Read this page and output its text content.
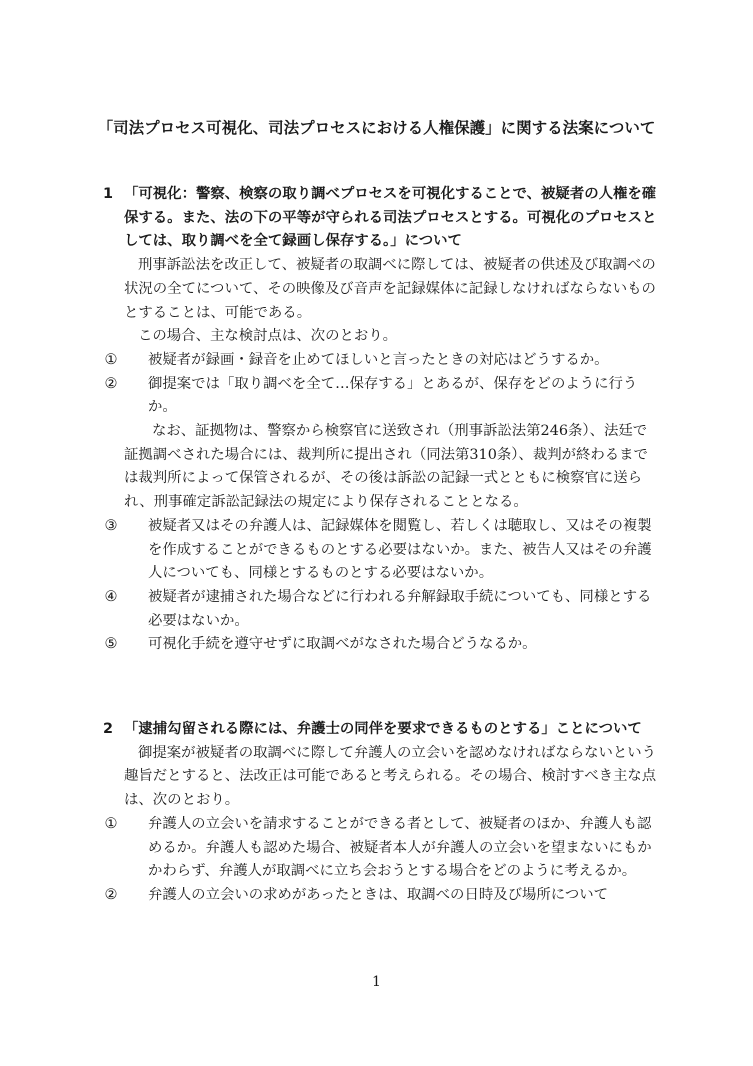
「司法プロセス可視化、司法プロセスにおける人権保護」に関する法案について
1 「可視化：警察、検察の取り調べプロセスを可視化することで、被疑者の人権を確保する。また、法の下の平等が守られる司法プロセスとする。可視化のプロセスとしては、取り調べを全て録画し保存する。」について

刑事訴訟法を改正して、被疑者の取調べに際しては、被疑者の供述及び取調べの状況の全てについて、その映像及び音声を記録媒体に記録しなければならないものとすることは、可能である。

この場合、主な検討点は、次のとおり。

①	被疑者が録画・録音を止めてほしいと言ったときの対応はどうするか。
②	御提案では「取り調べを全て…保存する」とあるが、保存をどのように行うか。

なお、証拠物は、警察から検察官に送致され（刑事訴訟法第246条）、法廷で証拠調べされた場合には、裁判所に提出され（同法第310条）、裁判が終わるまでは裁判所によって保管されるが、その後は訴訟の記録一式とともに検察官に送られ、刑事確定訴訟記録法の規定により保存されることとなる。

③	被疑者又はその弁護人は、記録媒体を閲覧し、若しくは聴取し、又はその複製を作成することができるものとする必要はないか。また、被告人又はその弁護人についても、同様とするものとする必要はないか。
④	被疑者が逮捕された場合などに行われる弁解録取手続についても、同様とする必要はないか。
⑤	可視化手続を遵守せずに取調べがなされた場合どうなるか。
2 「逮捕勾留される際には、弁護士の同伴を要求できるものとする」ことについて

御提案が被疑者の取調べに際して弁護人の立会いを認めなければならないという趣旨だとすると、法改正は可能であると考えられる。その場合、検討すべき主な点は、次のとおり。

①	弁護人の立会いを請求することができる者として、被疑者のほか、弁護人も認めるか。弁護人も認めた場合、被疑者本人が弁護人の立会いを望まないにもかかわらず、弁護人が取調べに立ち会おうとする場合をどのように考えるか。
②	弁護人の立会いの求めがあったときは、取調べの日時及び場所について
1
